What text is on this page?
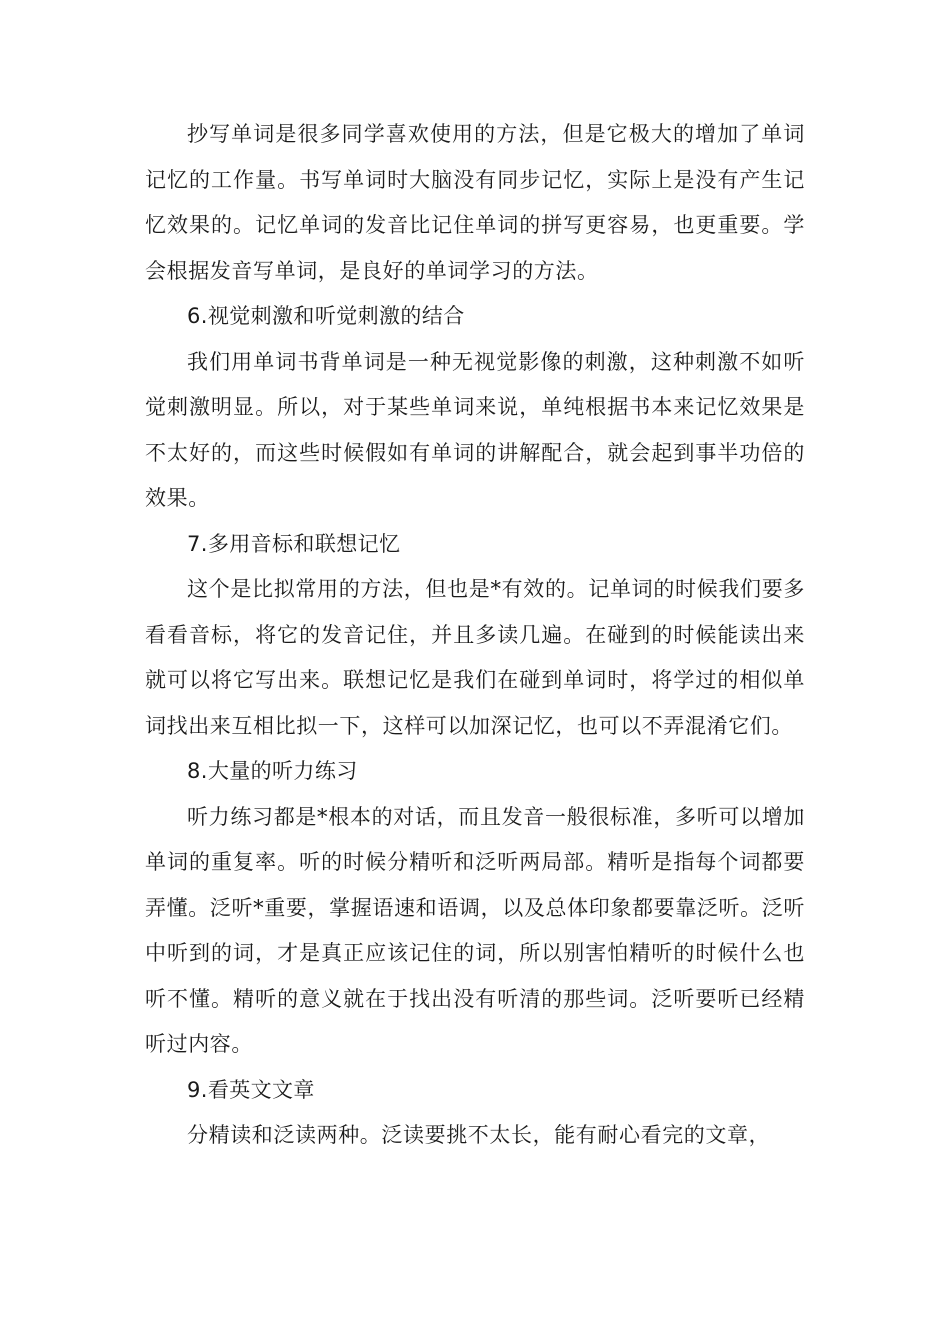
抄写单词是很多同学喜欢使用的方法，但是它极大的增加了单词记忆的工作量。书写单词时大脑没有同步记忆，实际上是没有产生记忆效果的。记忆单词的发音比记住单词的拼写更容易，也更重要。学会根据发音写单词，是良好的单词学习的方法。

6.视觉刺激和听觉刺激的结合

我们用单词书背单词是一种无视觉影像的刺激，这种刺激不如听觉刺激明显。所以，对于某些单词来说，单纯根据书本来记忆效果是不太好的，而这些时候假如有单词的讲解配合，就会起到事半功倍的效果。

7.多用音标和联想记忆

这个是比拟常用的方法，但也是*有效的。记单词的时候我们要多看看音标，将它的发音记住，并且多读几遍。在碰到的时候能读出来就可以将它写出来。联想记忆是我们在碰到单词时，将学过的相似单词找出来互相比拟一下，这样可以加深记忆，也可以不弄混淆它们。

8.大量的听力练习

听力练习都是*根本的对话，而且发音一般很标准，多听可以增加单词的重复率。听的时候分精听和泛听两局部。精听是指每个词都要弄懂。泛听*重要，掌握语速和语调，以及总体印象都要靠泛听。泛听中听到的词，才是真正应该记住的词，所以别害怕精听的时候什么也听不懂。精听的意义就在于找出没有听清的那些词。泛听要听已经精听过内容。

9.看英文文章

分精读和泛读两种。泛读要挑不太长，能有耐心看完的文章，
